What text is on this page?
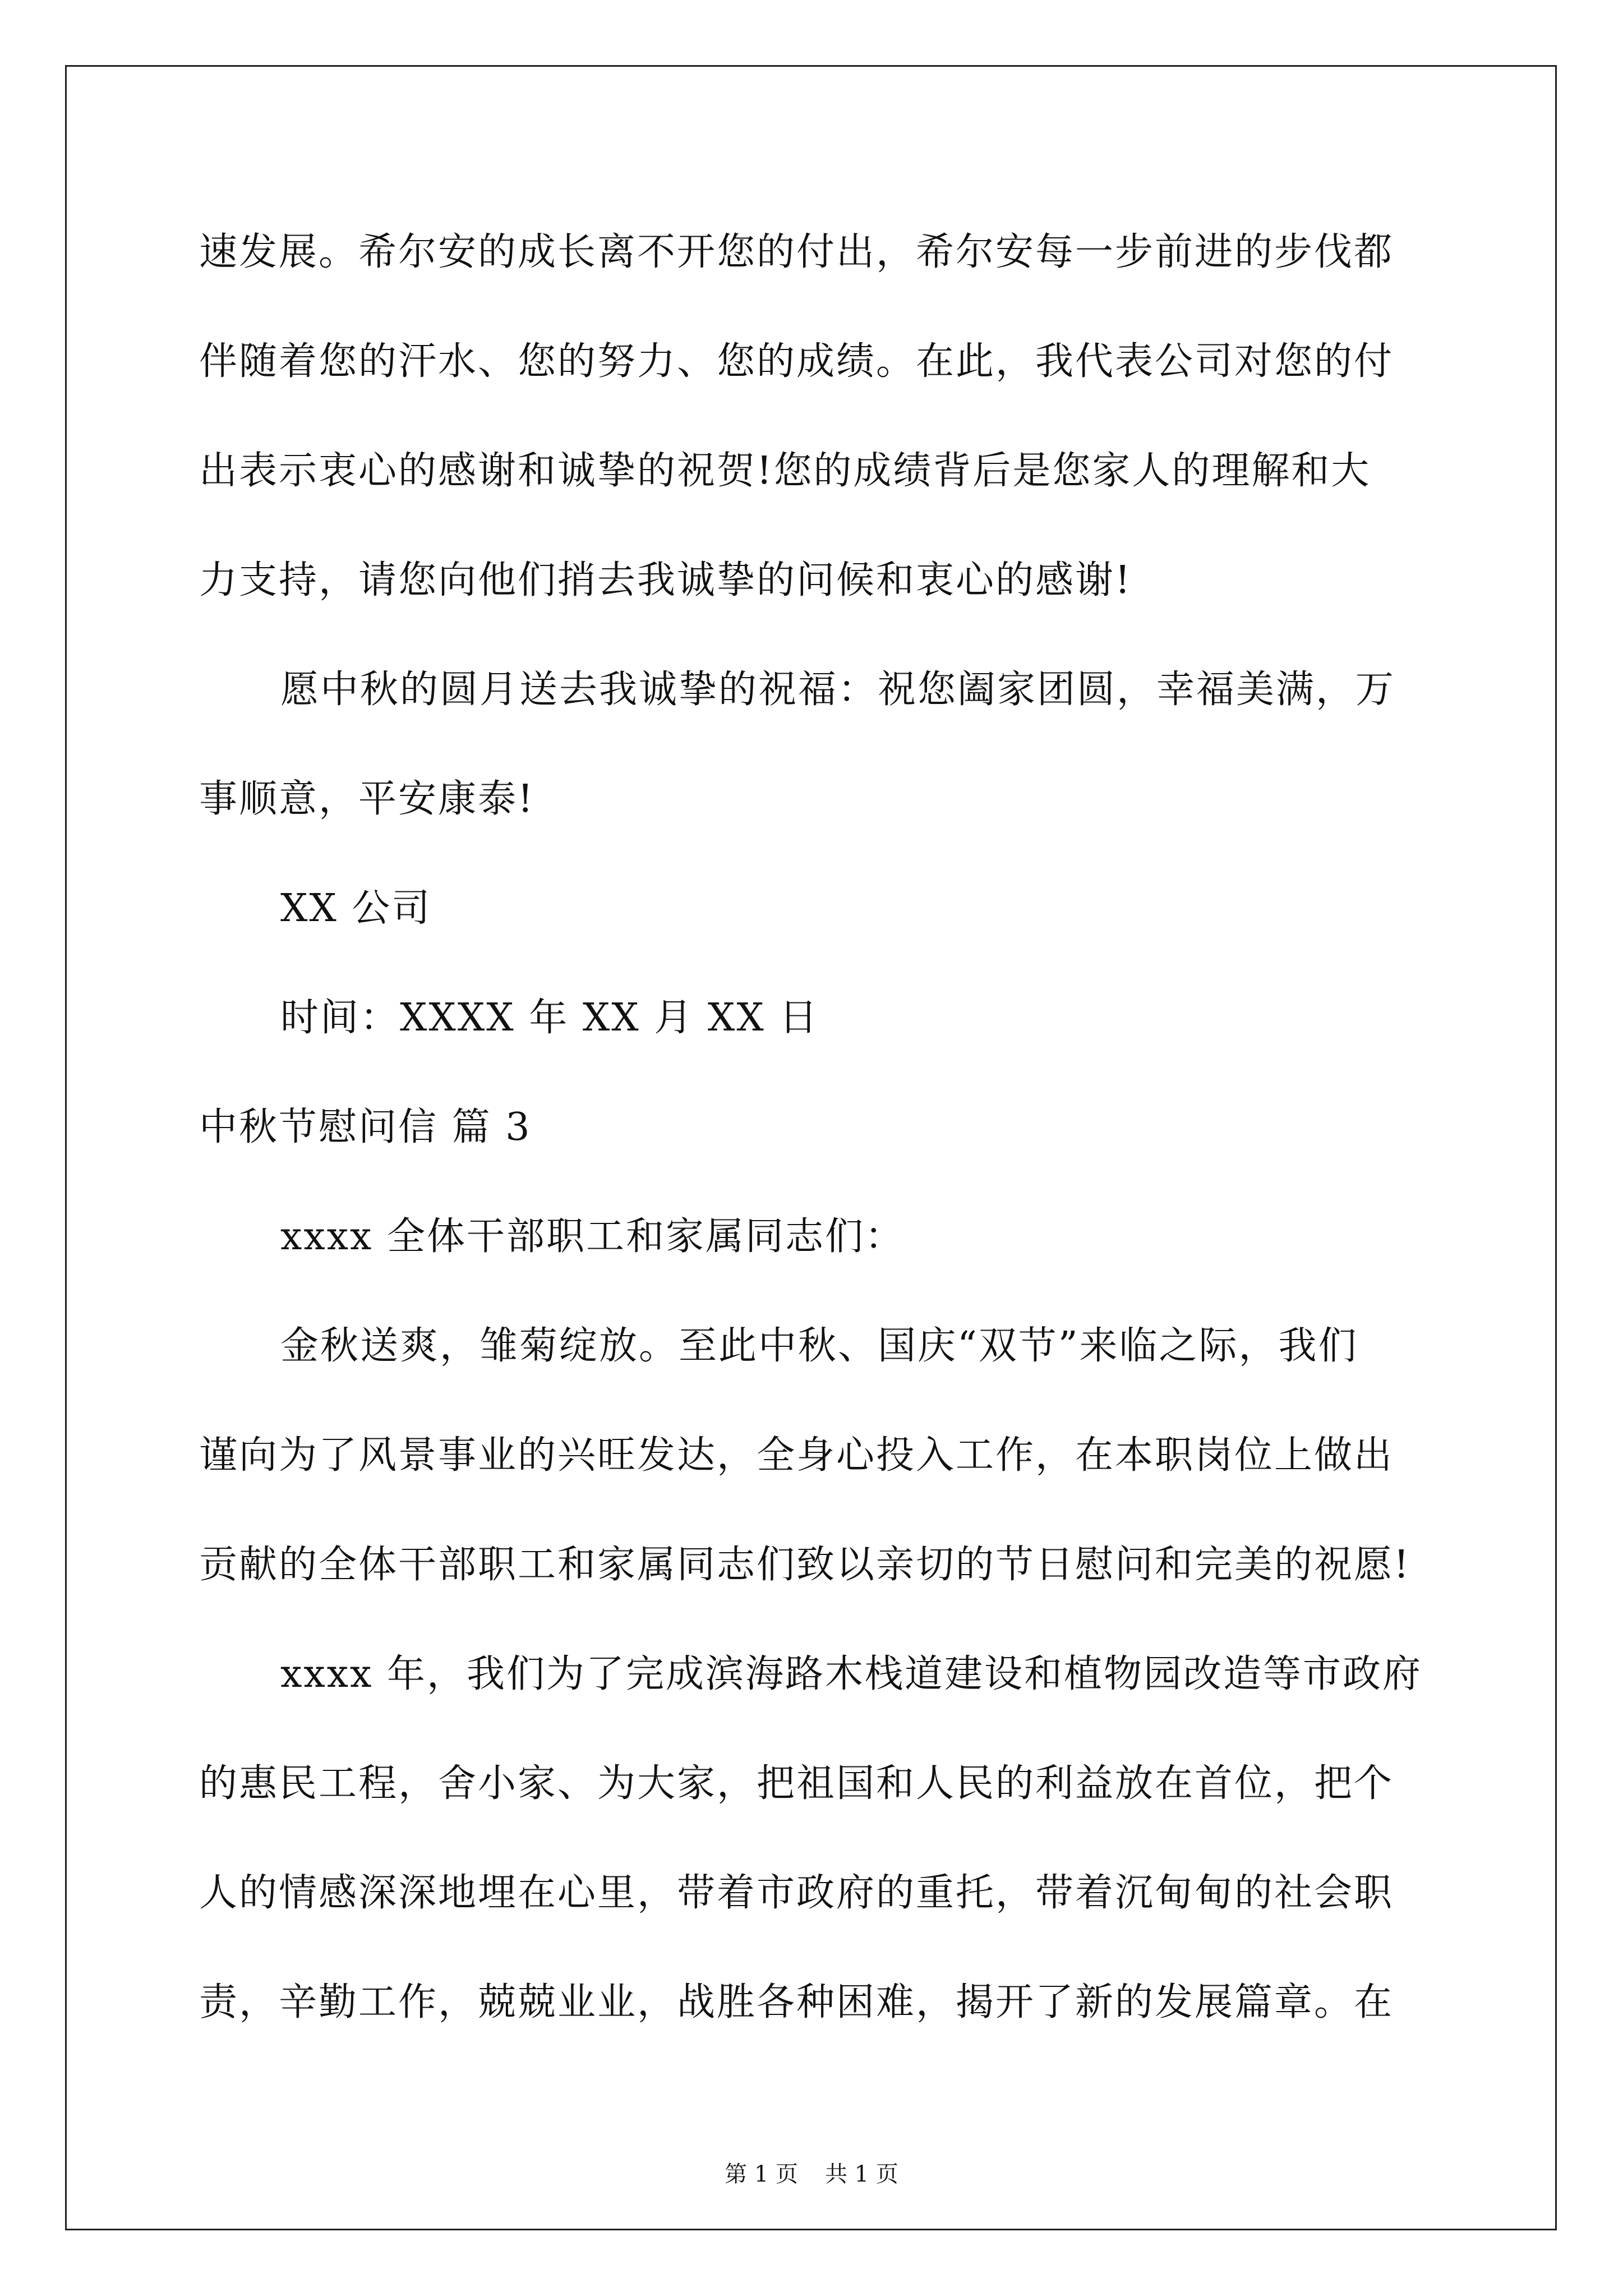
速发展。希尔安的成长离不开您的付出，希尔安每一步前进的步伐都
伴随着您的汗水、您的努力、您的成绩。在此，我代表公司对您的付
出表示衷心的感谢和诚挚的祝贺!您的成绩背后是您家人的理解和大
力支持，请您向他们捎去我诚挚的问候和衷心的感谢!
愿中秋的圆月送去我诚挚的祝福：祝您阖家团圆，幸福美满，万
事顺意，平安康泰!
XX 公司
时间：XXXX 年 XX 月 XX 日
中秋节慰问信 篇 3
xxxx 全体干部职工和家属同志们：
金秋送爽，雏菊绽放。至此中秋、国庆“双节”来临之际，我们
谨向为了风景事业的兴旺发达，全身心投入工作，在本职岗位上做出
贡献的全体干部职工和家属同志们致以亲切的节日慰问和完美的祝愿!
xxxx 年，我们为了完成滨海路木栈道建设和植物园改造等市政府
的惠民工程，舍小家、为大家，把祖国和人民的利益放在首位，把个
人的情感深深地埋在心里，带着市政府的重托，带着沉甸甸的社会职
责，辛勤工作，兢兢业业，战胜各种困难，揭开了新的发展篇章。在
第 1 页 共 1 页
